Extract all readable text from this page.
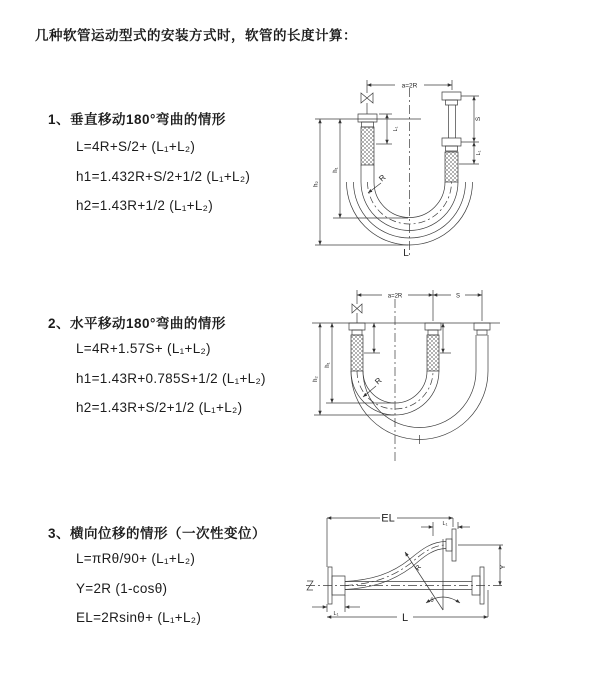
几种软管运动型式的安装方式时，软管的长度计算：
1、垂直移动180°弯曲的情形
L=4R+S/2+ (L₁+L₂)
h1=1.432R+S/2+1/2 (L₁+L₂)
h2=1.43R+1/2 (L₁+L₂)
2、水平移动180°弯曲的情形
L=4R+1.57S+ (L₁+L₂)
h1=1.43R+0.785S+1/2 (L₁+L₂)
h2=1.43R+S/2+1/2 (L₁+L₂)
3、横向位移的情形（一次性变位）
L=πRθ/90+ (L₁+L₂)
Y=2R (1-cosθ)
EL=2Rsinθ+ (L₁+L₂)
a=2R
h₁
h₂
L₁
S
L₁
R
L
a=2R	S
h₁
h₂	R
EL	L₁
Y
R
θ
L₁	L
